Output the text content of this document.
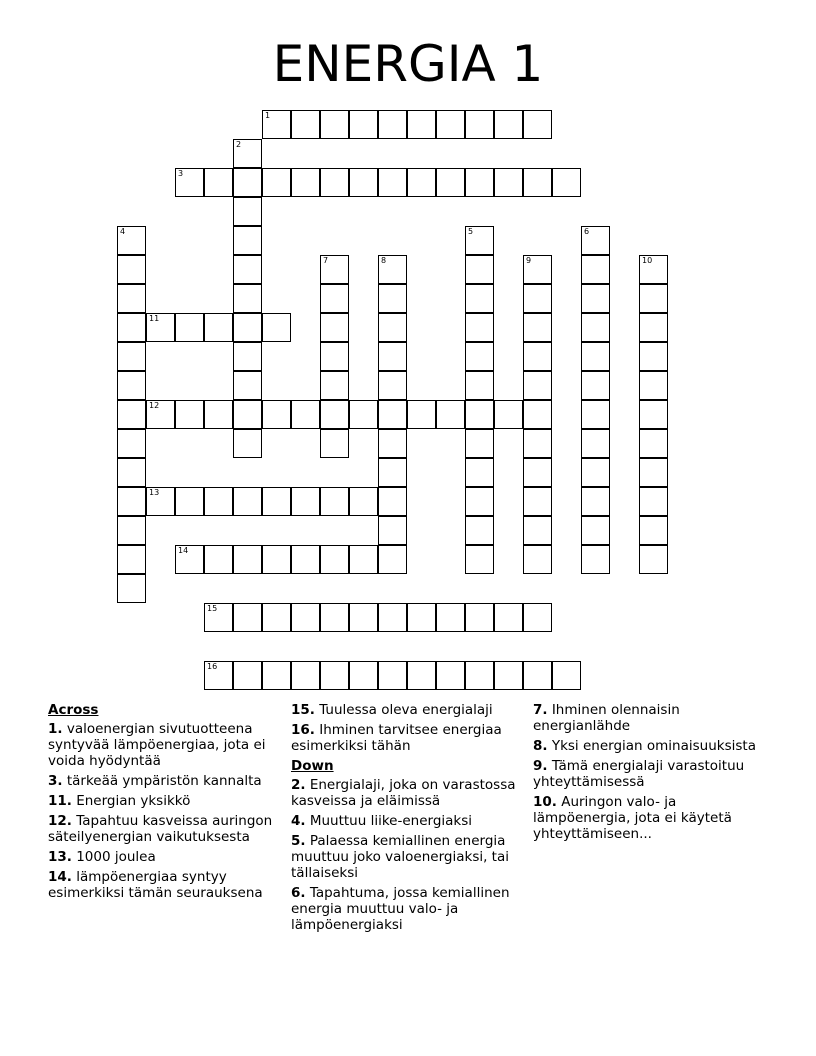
ENERGIA 1
1
2
3
4	5	6
7	8	9	10
11
12
13
14
15
16
Across
1. valoenergian sivutuotteena syntyvää lämpöenergiaa, jota ei voida hyödyntää
3. tärkeää ympäristön kannalta
11. Energian yksikkö
12. Tapahtuu kasveissa auringon säteilyenergian vaikutuksesta
13. 1000 joulea
14. lämpöenergiaa syntyy esimerkiksi tämän seurauksena
15. Tuulessa oleva energialaji
16. Ihminen tarvitsee energiaa esimerkiksi tähän
Down
2. Energialaji, joka on varastossa kasveissa ja eläimissä
4. Muuttuu liike-energiaksi
5. Palaessa kemiallinen energia muuttuu joko valoenergiaksi, tai tällaiseksi
6. Tapahtuma, jossa kemiallinen energia muuttuu valo- ja lämpöenergiaksi
7. Ihminen olennaisin energianlähde
8. Yksi energian ominaisuuksista
9. Tämä energialaji varastoituu yhteyttämisessä
10. Auringon valo- ja lämpöenergia, jota ei käytetä yhteyttämiseen...
